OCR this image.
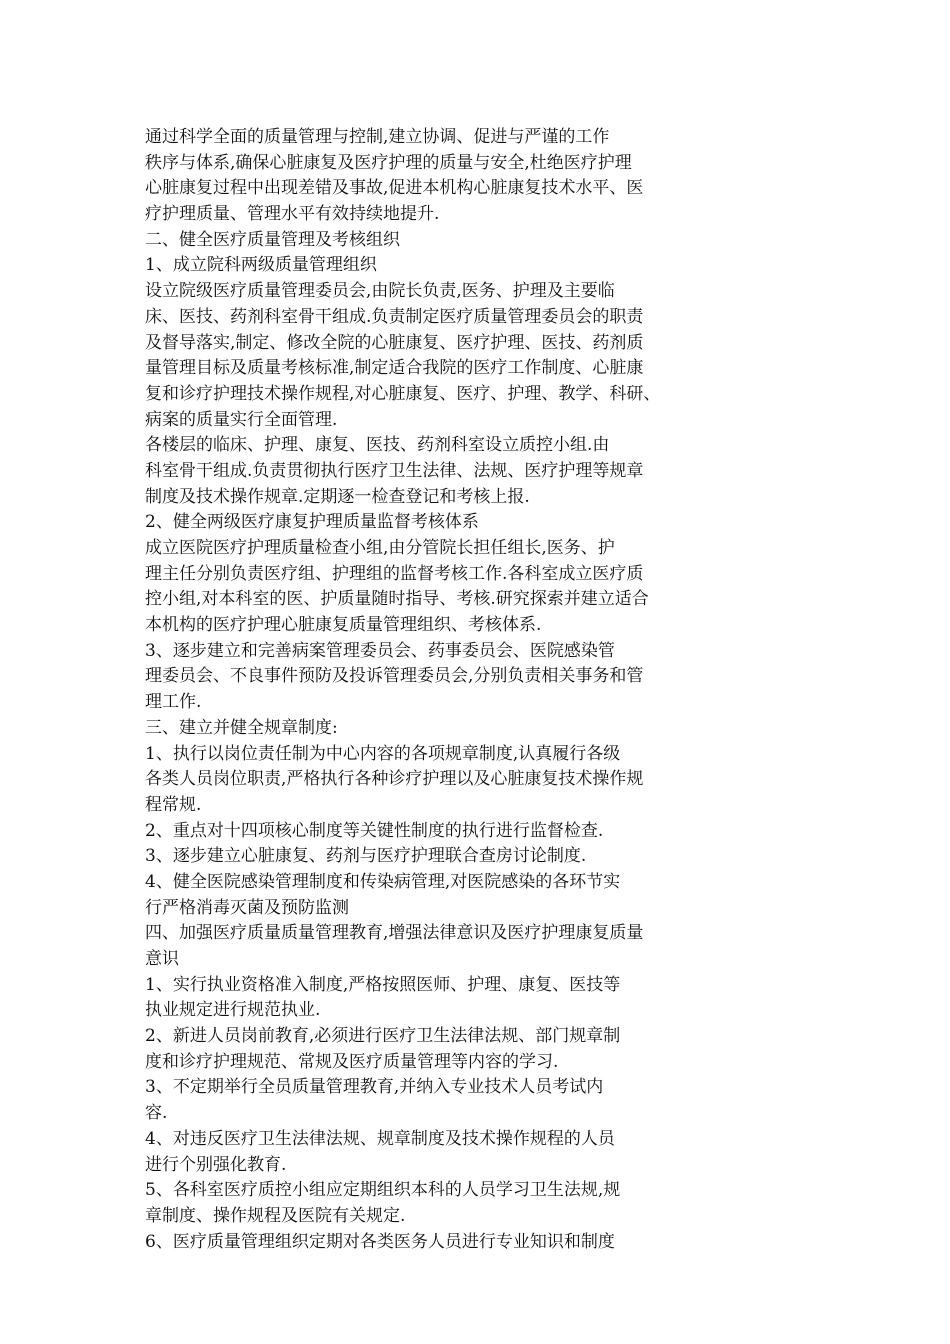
通过科学全面的质量管理与控制,建立协调、促进与严谨的工作
秩序与体系,确保心脏康复及医疗护理的质量与安全,杜绝医疗护理
心脏康复过程中出现差错及事故,促进本机构心脏康复技术水平、医
疗护理质量、管理水平有效持续地提升.
二、健全医疗质量管理及考核组织
1、成立院科两级质量管理组织
设立院级医疗质量管理委员会,由院长负责,医务、护理及主要临
床、医技、药剂科室骨干组成.负责制定医疗质量管理委员会的职责
及督导落实,制定、修改全院的心脏康复、医疗护理、医技、药剂质
量管理目标及质量考核标准,制定适合我院的医疗工作制度、心脏康
复和诊疗护理技术操作规程,对心脏康复、医疗、护理、教学、科研、
病案的质量实行全面管理.
各楼层的临床、护理、康复、医技、药剂科室设立质控小组.由
科室骨干组成.负责贯彻执行医疗卫生法律、法规、医疗护理等规章
制度及技术操作规章.定期逐一检查登记和考核上报.
2、健全两级医疗康复护理质量监督考核体系
成立医院医疗护理质量检查小组,由分管院长担任组长,医务、护
理主任分别负责医疗组、护理组的监督考核工作.各科室成立医疗质
控小组,对本科室的医、护质量随时指导、考核.研究探索并建立适合
本机构的医疗护理心脏康复质量管理组织、考核体系.
3、逐步建立和完善病案管理委员会、药事委员会、医院感染管
理委员会、不良事件预防及投诉管理委员会,分别负责相关事务和管
理工作.
三、建立并健全规章制度:
1、执行以岗位责任制为中心内容的各项规章制度,认真履行各级
各类人员岗位职责,严格执行各种诊疗护理以及心脏康复技术操作规
程常规.
2、重点对十四项核心制度等关键性制度的执行进行监督检查.
3、逐步建立心脏康复、药剂与医疗护理联合查房讨论制度.
4、健全医院感染管理制度和传染病管理,对医院感染的各环节实
行严格消毒灭菌及预防监测
四、加强医疗质量质量管理教育,增强法律意识及医疗护理康复质量
意识
1、实行执业资格准入制度,严格按照医师、护理、康复、医技等
执业规定进行规范执业.
2、新进人员岗前教育,必须进行医疗卫生法律法规、部门规章制
度和诊疗护理规范、常规及医疗质量管理等内容的学习.
3、不定期举行全员质量管理教育,并纳入专业技术人员考试内
容.
4、对违反医疗卫生法律法规、规章制度及技术操作规程的人员
进行个别强化教育.
5、各科室医疗质控小组应定期组织本科的人员学习卫生法规,规
章制度、操作规程及医院有关规定.
6、医疗质量管理组织定期对各类医务人员进行专业知识和制度
